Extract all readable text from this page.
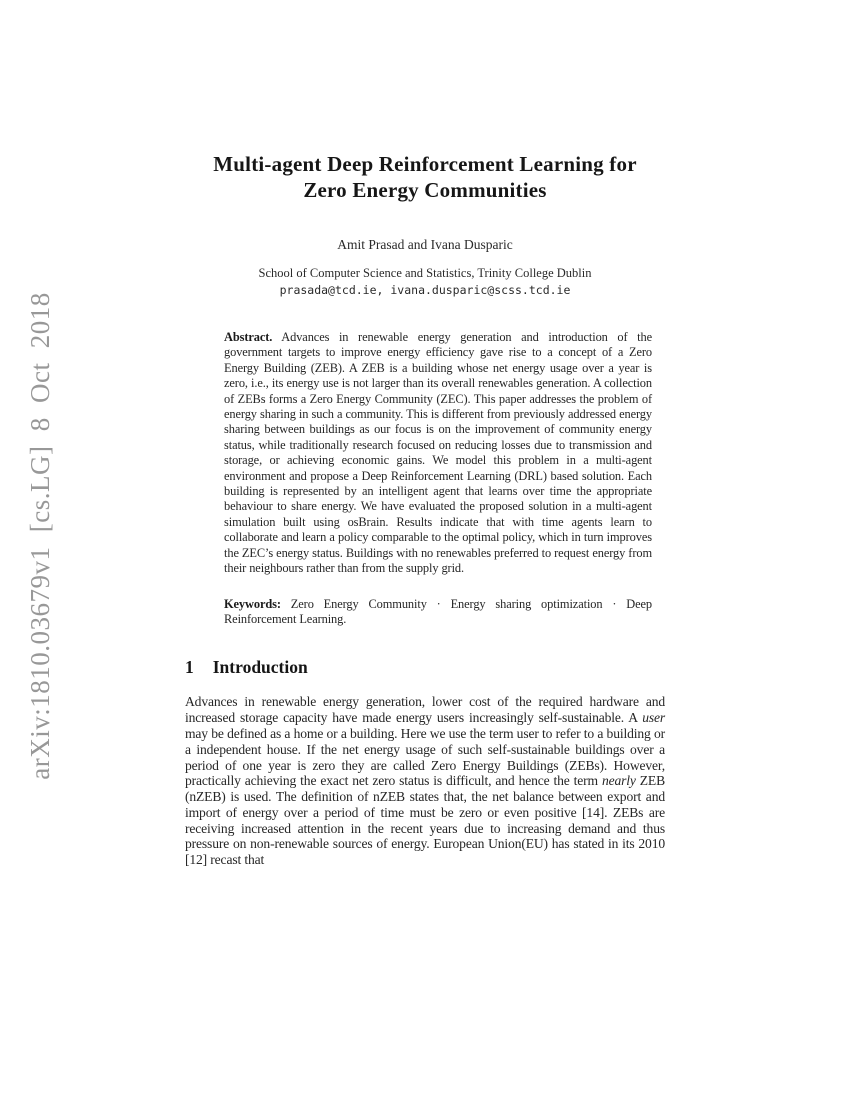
arXiv:1810.03679v1 [cs.LG] 8 Oct 2018
Multi-agent Deep Reinforcement Learning for
Zero Energy Communities
Amit Prasad and Ivana Dusparic
School of Computer Science and Statistics, Trinity College Dublin
prasada@tcd.ie, ivana.dusparic@scss.tcd.ie

Abstract. Advances in renewable energy generation and introduction of the government targets to improve energy efficiency gave rise to a concept of a Zero Energy Building (ZEB). A ZEB is a building whose net energy usage over a year is zero, i.e., its energy use is not larger than its overall renewables generation. A collection of ZEBs forms a Zero Energy Community (ZEC). This paper addresses the problem of energy sharing in such a community. This is different from previously addressed energy sharing between buildings as our focus is on the improvement of community energy status, while traditionally research focused on reducing losses due to transmission and storage, or achieving economic gains. We model this problem in a multi-agent environment and propose a Deep Reinforcement Learning (DRL) based solution. Each building is represented by an intelligent agent that learns over time the appropriate behaviour to share energy. We have evaluated the proposed solution in a multi-agent simulation built using osBrain. Results indicate that with time agents learn to collaborate and learn a policy comparable to the optimal policy, which in turn improves the ZEC’s energy status. Buildings with no renewables preferred to request energy from their neighbours rather than from the supply grid.

Keywords: Zero Energy Community · Energy sharing optimization · Deep Reinforcement Learning.

1 Introduction

Advances in renewable energy generation, lower cost of the required hardware and increased storage capacity have made energy users increasingly self-sustainable. A user may be defined as a home or a building. Here we use the term user to refer to a building or a independent house. If the net energy usage of such self-sustainable buildings over a period of one year is zero they are called Zero Energy Buildings (ZEBs). However, practically achieving the exact net zero status is difficult, and hence the term nearly ZEB (nZEB) is used. The definition of nZEB states that, the net balance between export and import of energy over a period of time must be zero or even positive [14]. ZEBs are receiving increased attention in the recent years due to increasing demand and thus pressure on non-renewable sources of energy. European Union(EU) has stated in its 2010 [12] recast that
